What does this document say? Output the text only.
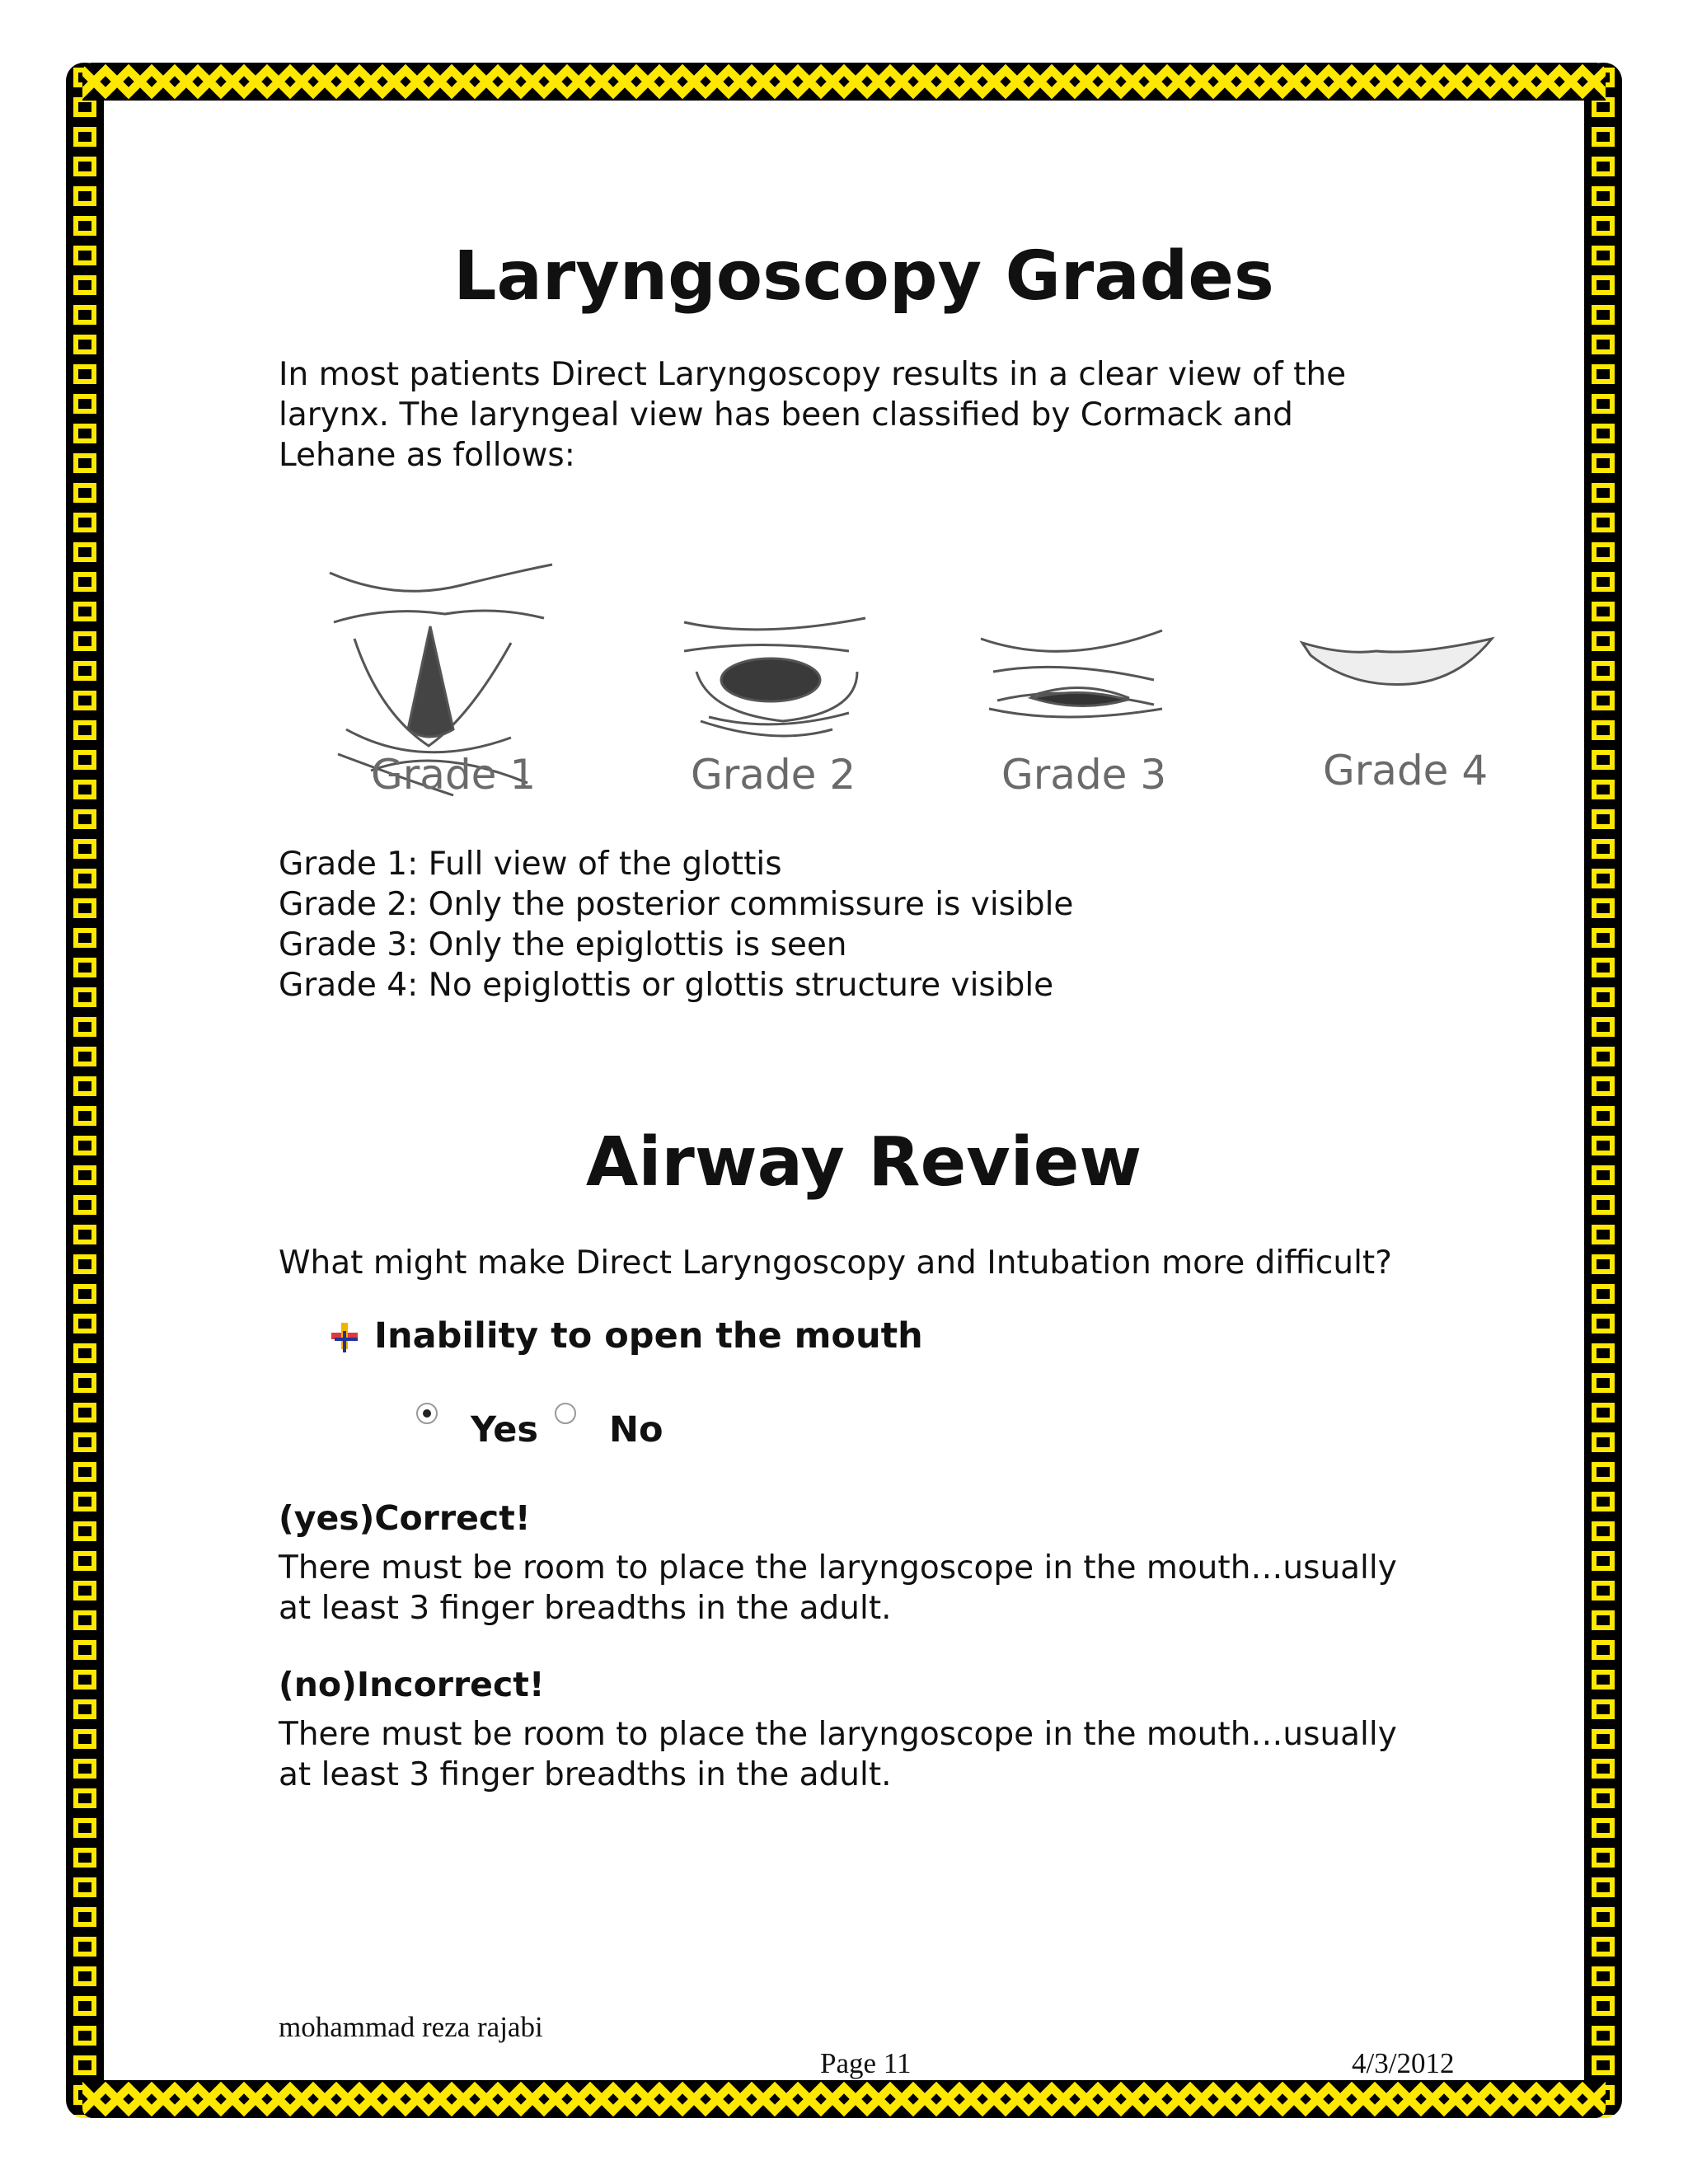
Laryngoscopy Grades

In most patients Direct Laryngoscopy results in a clear view of the
larynx. The laryngeal view has been classified by Cormack and
Lehane as follows:

Grade 1	Grade 2	Grade 3	Grade 4

Grade 1: Full view of the glottis

Grade 2: Only the posterior commissure is visible

Grade 3: Only the epiglottis is seen

Grade 4: No epiglottis or glottis structure visible

Airway Review

What might make Direct Laryngoscopy and Intubation more difficult?

Inability to open the mouth
Yes No

(yes)Correct!

There must be room to place the laryngoscope in the mouth…usually
at least 3 finger breadths in the adult.

(no)Incorrect!

There must be room to place the laryngoscope in the mouth…usually
at least 3 finger breadths in the adult.

mohammad reza rajabi
Page 11	4/3/2012
